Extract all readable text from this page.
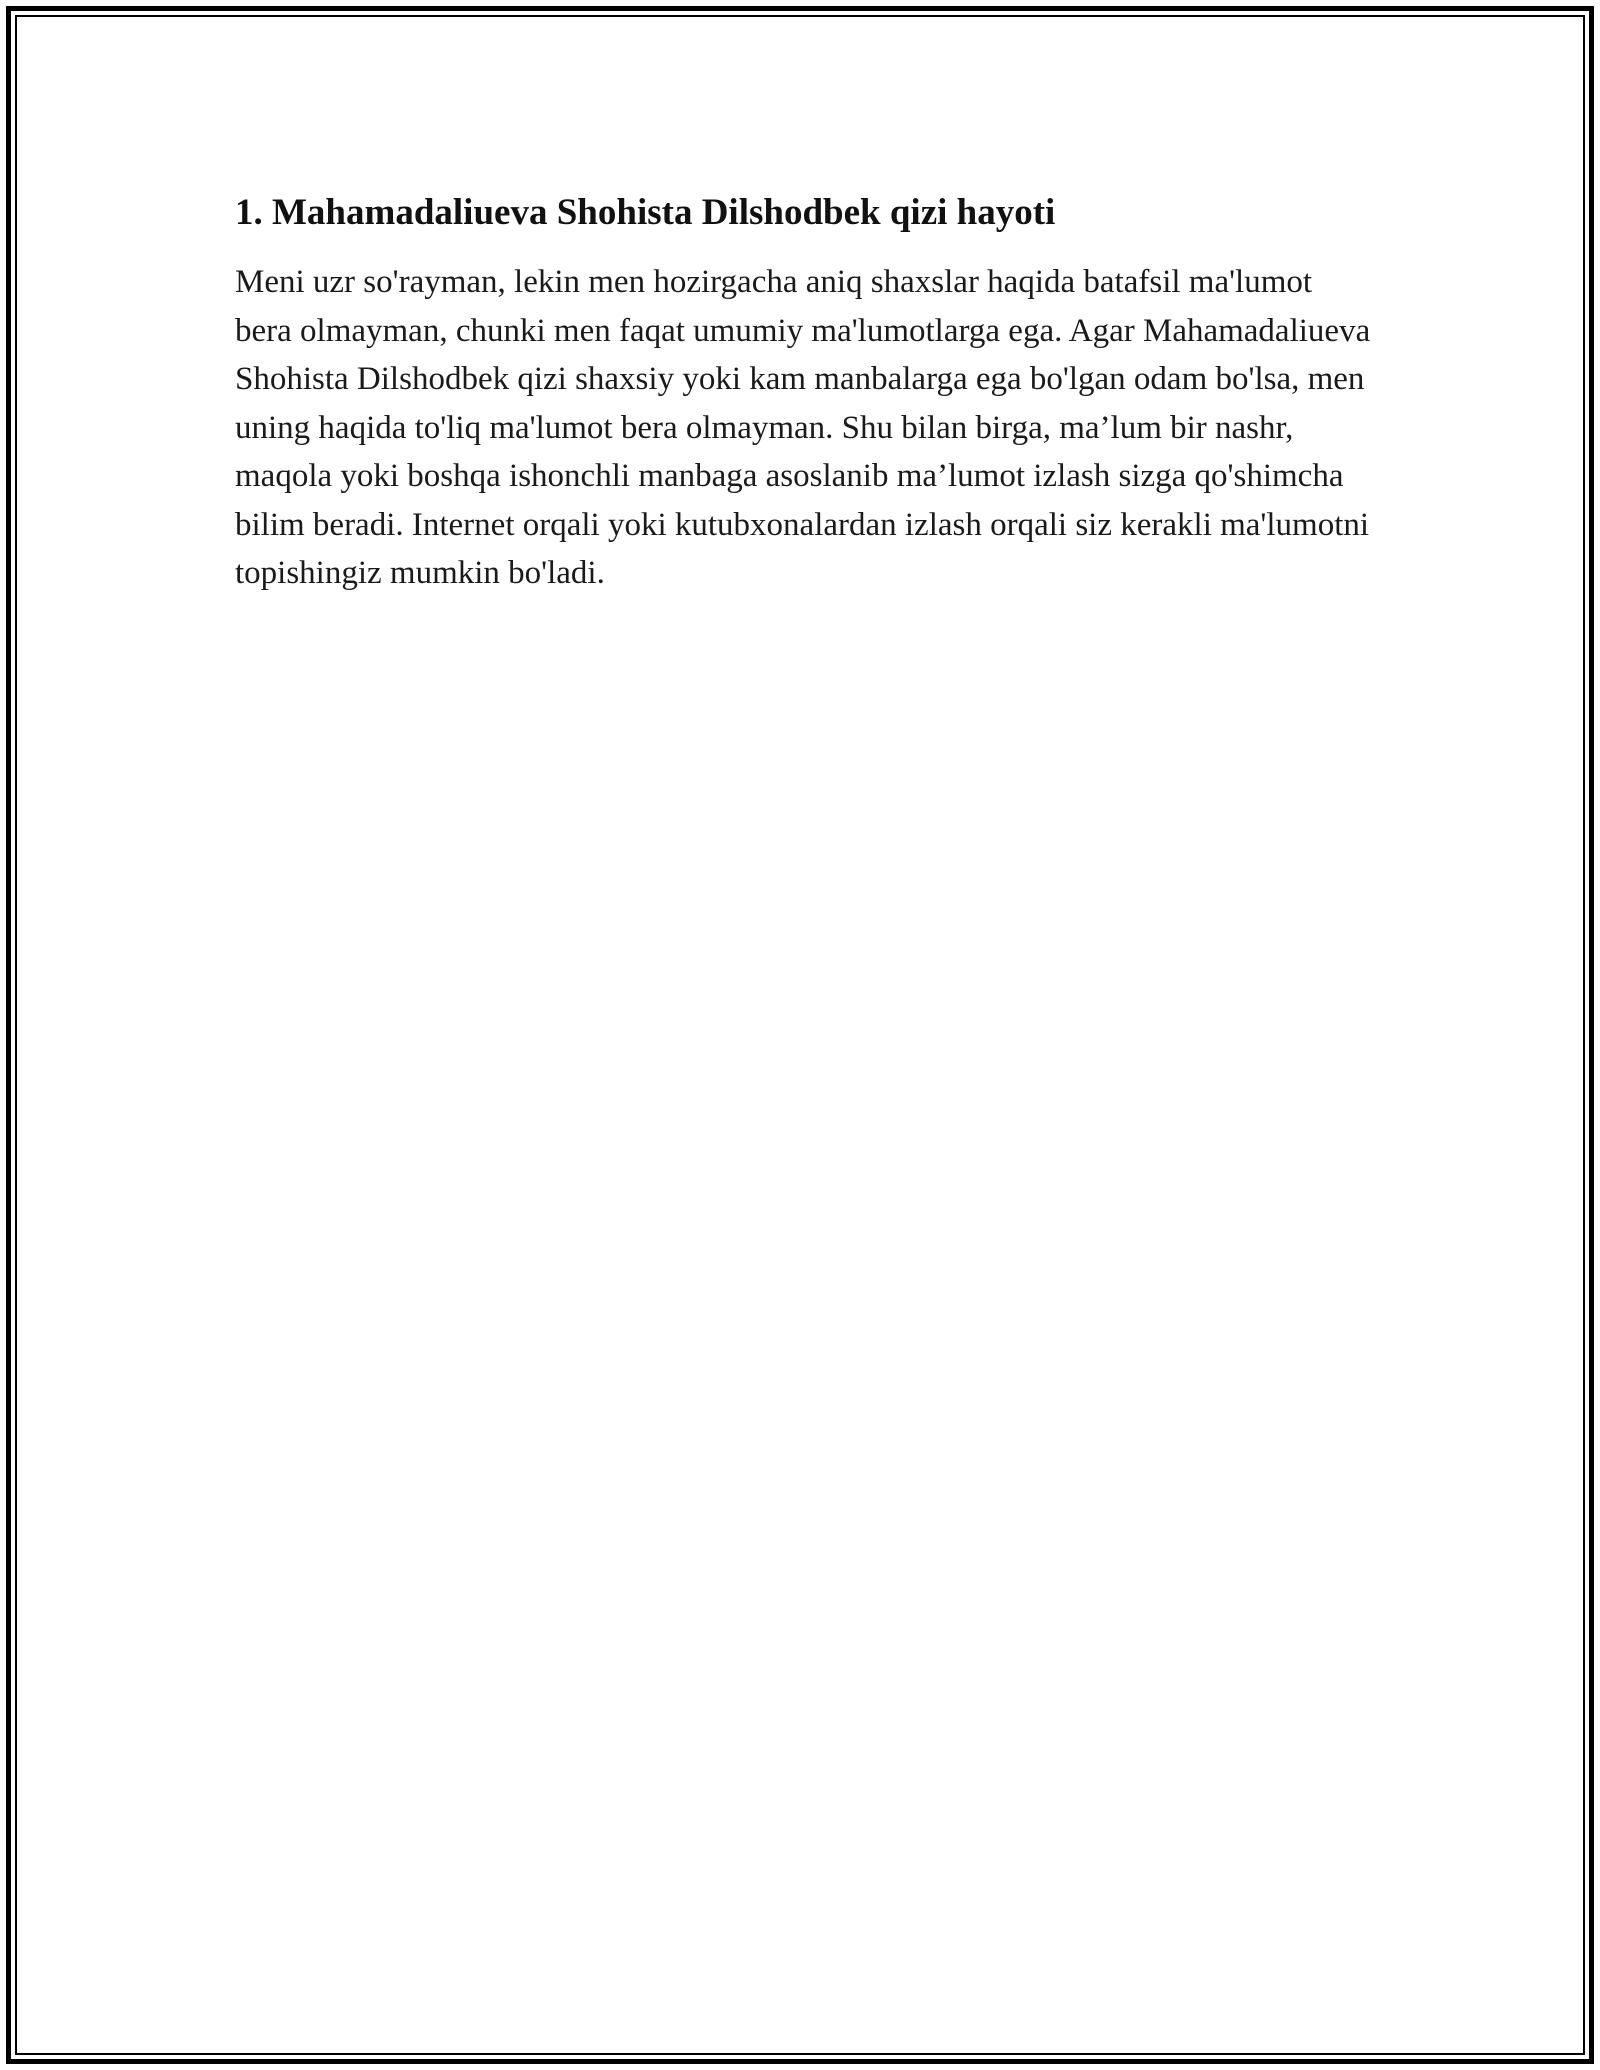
1. Mahamadaliueva Shohista Dilshodbek qizi hayoti

Meni uzr so'rayman, lekin men hozirgacha aniq shaxslar haqida batafsil ma'lumot bera olmayman, chunki men faqat umumiy ma'lumotlarga ega. Agar Mahamadaliueva Shohista Dilshodbek qizi shaxsiy yoki kam manbalarga ega bo'lgan odam bo'lsa, men uning haqida to'liq ma'lumot bera olmayman. Shu bilan birga, ma’lum bir nashr, maqola yoki boshqa ishonchli manbaga asoslanib ma’lumot izlash sizga qo'shimcha bilim beradi. Internet orqali yoki kutubxonalardan izlash orqali siz kerakli ma'lumotni topishingiz mumkin bo'ladi.
